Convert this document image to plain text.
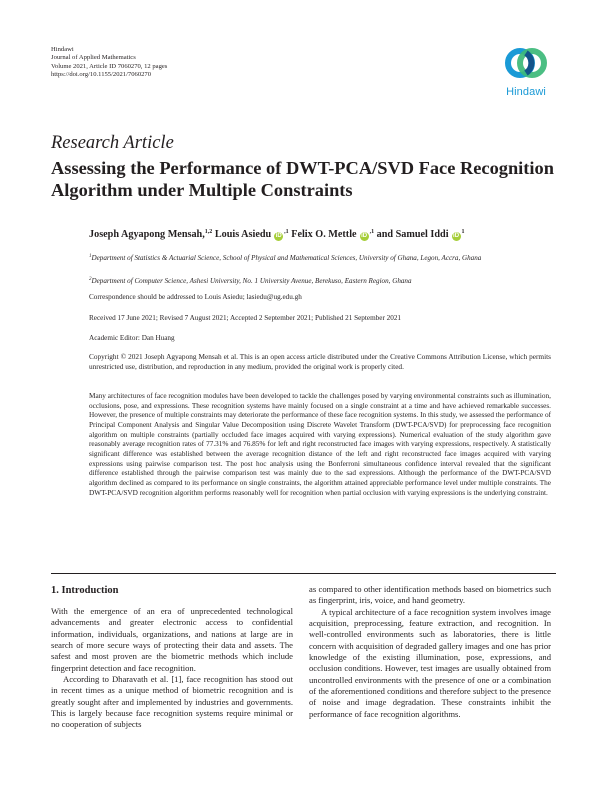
Hindawi
Journal of Applied Mathematics
Volume 2021, Article ID 7060270, 12 pages
https://doi.org/10.1155/2021/7060270
Hindawi
Research Article
Assessing the Performance of DWT-PCA/SVD Face Recognition Algorithm under Multiple Constraints
Joseph Agyapong Mensah,$^{1,2}$ Louis Asiedu $iD^{,1}$ Felix O. Mettle $iD^{,1}$ and Samuel Iddi $iD^1$
$^1$Department of Statistics & Actuarial Science, School of Physical and Mathematical Sciences, University of Ghana, Legon, Accra, Ghana
$^2$Department of Computer Science, Ashesi University, No. 1 University Avenue, Berekuso, Eastern Region, Ghana
Correspondence should be addressed to Louis Asiedu; lasiedu@ug.edu.gh
Received 17 June 2021; Revised 7 August 2021; Accepted 2 September 2021; Published 21 September 2021
Academic Editor: Dan Huang
Copyright © 2021 Joseph Agyapong Mensah et al. This is an open access article distributed under the Creative Commons Attribution License, which permits unrestricted use, distribution, and reproduction in any medium, provided the original work is properly cited.
Many architectures of face recognition modules have been developed to tackle the challenges posed by varying environmental constraints such as illumination, occlusions, pose, and expressions. These recognition systems have mainly focused on a single constraint at a time and have achieved remarkable successes. However, the presence of multiple constraints may deteriorate the performance of these face recognition systems. In this study, we assessed the performance of Principal Component Analysis and Singular Value Decomposition using Discrete Wavelet Transform (DWT-PCA/SVD) for preprocessing face recognition algorithm on multiple constraints (partially occluded face images acquired with varying expressions). Numerical evaluation of the study algorithm gave reasonably average recognition rates of 77.31% and 76.85% for left and right reconstructed face images with varying expressions, respectively. A statistically significant difference was established between the average recognition distance of the left and right reconstructed face images acquired with varying expressions using pairwise comparison test. The post hoc analysis using the Bonferroni simultaneous confidence interval revealed that the significant difference established through the pairwise comparison test was mainly due to the sad expressions. Although the performance of the DWT-PCA/SVD algorithm declined as compared to its performance on single constraints, the algorithm attained appreciable performance level under multiple constraints. The DWT-PCA/SVD recognition algorithm performs reasonably well for recognition when partial occlusion with varying expressions is the underlying constraint.
1. Introduction

With the emergence of an era of unprecedented technological advancements and greater electronic access to confidential information, individuals, organizations, and nations at large are in search of more secure ways of protecting their data and assets. The safest and most proven are the biometric methods which include fingerprint detection and face recognition.

According to Dharavath et al. [1], face recognition has stood out in recent times as a unique method of biometric recognition and is greatly sought after and implemented by industries and governments. This is largely because face recognition systems require minimal or no cooperation of subjects

as compared to other identification methods based on biometrics such as fingerprint, iris, voice, and hand geometry.

A typical architecture of a face recognition system involves image acquisition, preprocessing, feature extraction, and recognition. In well-controlled environments such as laboratories, there is little concern with acquisition of degraded gallery images and one has prior knowledge of the existing illumination, pose, expressions, and occlusion conditions. However, test images are usually obtained from uncontrolled environments with the presence of one or a combination of the aforementioned conditions and therefore subject to the presence of noise and image degradation. These constraints inhibit the performance of face recognition algorithms.
